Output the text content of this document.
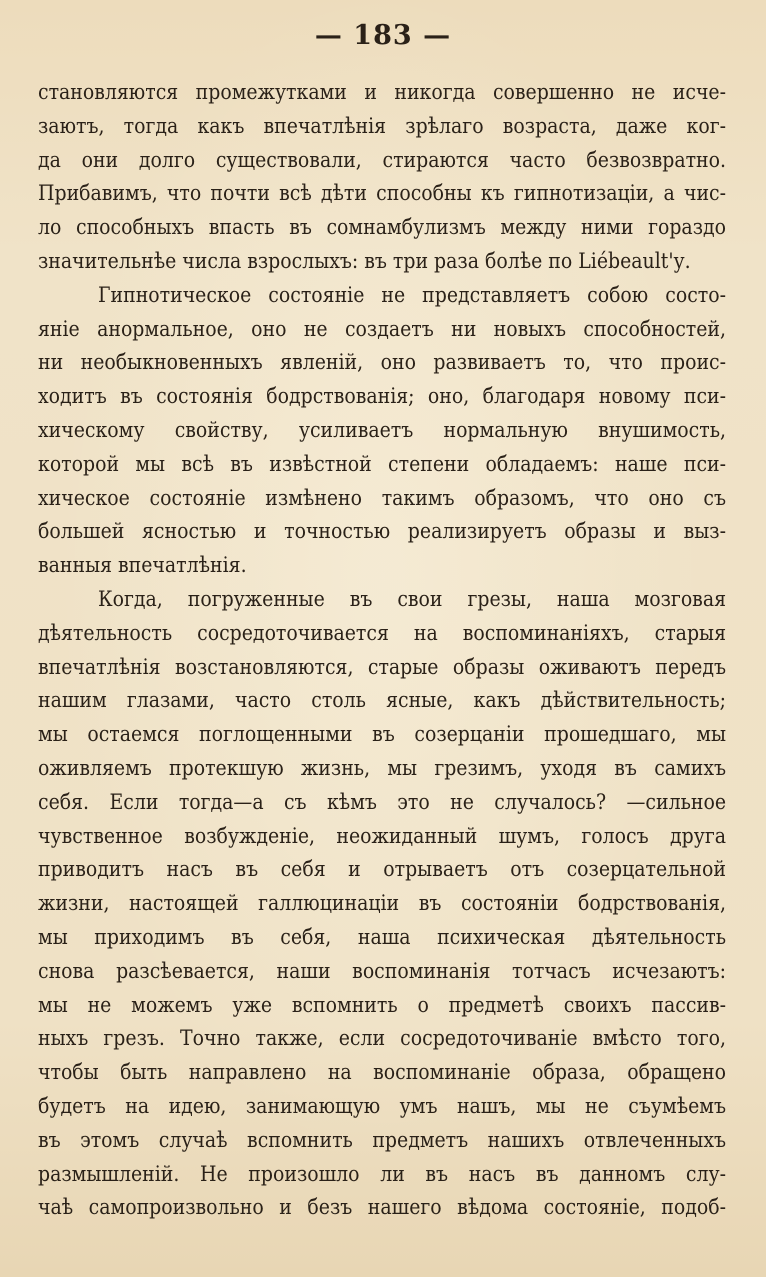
— 183 —
становляются промежутками и никогда совершенно не исче-
заютъ, тогда какъ впечатлѣнія зрѣлаго возраста, даже ког-
да они долго существовали, стираются часто безвозвратно.
Прибавимъ, что почти всѣ дѣти способны къ гипнотизаціи, а чис-
ло способныхъ впасть въ сомнамбулизмъ между ними гораздо
значительнѣе числа взрослыхъ: въ три раза болѣе по Liébeault'у.
Гипнотическое состояніе не представляетъ собою состо-
яніе анормальное, оно не создаетъ ни новыхъ способностей,
ни необыкновенныхъ явленій, оно развиваетъ то, что проис-
ходитъ въ состоянія бодрствованія; оно, благодаря новому пси-
хическому свойству, усиливаетъ нормальную внушимость,
которой мы всѣ въ извѣстной степени обладаемъ: наше пси-
хическое состояніе измѣнено такимъ образомъ, что оно съ
большей ясностью и точностью реализируетъ образы и выз-
ванныя впечатлѣнія.
Когда, погруженные въ свои грезы, наша мозговая
дѣятельность сосредоточивается на воспоминаніяхъ, старыя
впечатлѣнія возстановляются, старые образы оживаютъ передъ
нашим глазами, часто столь ясные, какъ дѣйствительность;
мы остаемся поглощенными въ созерцаніи прошедшаго, мы
оживляемъ протекшую жизнь, мы грезимъ, уходя въ самихъ
себя. Если тогда—а съ кѣмъ это не случалось? —сильное
чувственное возбужденіе, неожиданный шумъ, голосъ друга
приводитъ насъ въ себя и отрываетъ отъ созерцательной
жизни, настоящей галлюцинаціи въ состояніи бодрствованія,
мы приходимъ въ себя, наша психическая дѣятельность
снова разсѣевается, наши воспоминанія тотчасъ исчезаютъ:
мы не можемъ уже вспомнить о предметѣ своихъ пассив-
ныхъ грезъ. Точно также, если сосредоточиваніе вмѣсто того,
чтобы быть направлено на воспоминаніе образа, обращено
будетъ на идею, занимающую умъ нашъ, мы не съумѣемъ
въ этомъ случаѣ вспомнить предметъ нашихъ отвлеченныхъ
размышленій. Не произошло ли въ насъ въ данномъ слу-
чаѣ самопроизвольно и безъ нашего вѣдома состояніе, подоб-
